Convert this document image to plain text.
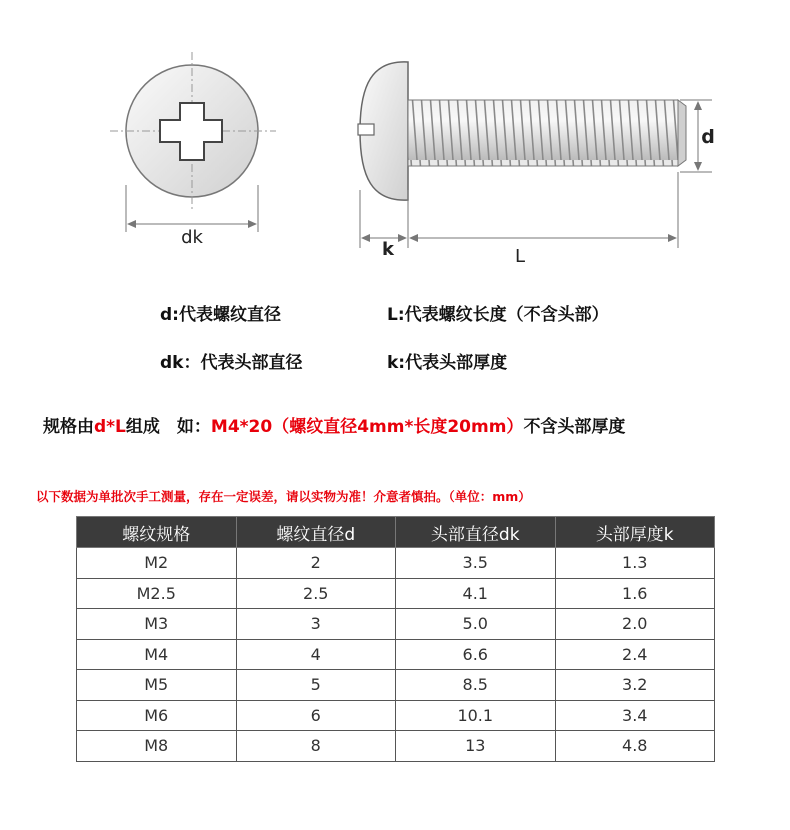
dk
k	L
d
d:代表螺纹直径	L:代表螺纹长度（不含头部）
dk：代表头部直径	k:代表头部厚度
规格由d*L组成　如：M4*20（螺纹直径4mm*长度20mm）不含头部厚度
以下数据为单批次手工测量，存在一定误差，请以实物为准！介意者慎拍。（单位：mm）
螺纹规格	螺纹直径d	头部直径dk	头部厚度k
M2	2	3.5	1.3
M2.5	2.5	4.1	1.6
M3	3	5.0	2.0
M4	4	6.6	2.4
M5	5	8.5	3.2
M6	6	10.1	3.4
M8	8	13	4.8
